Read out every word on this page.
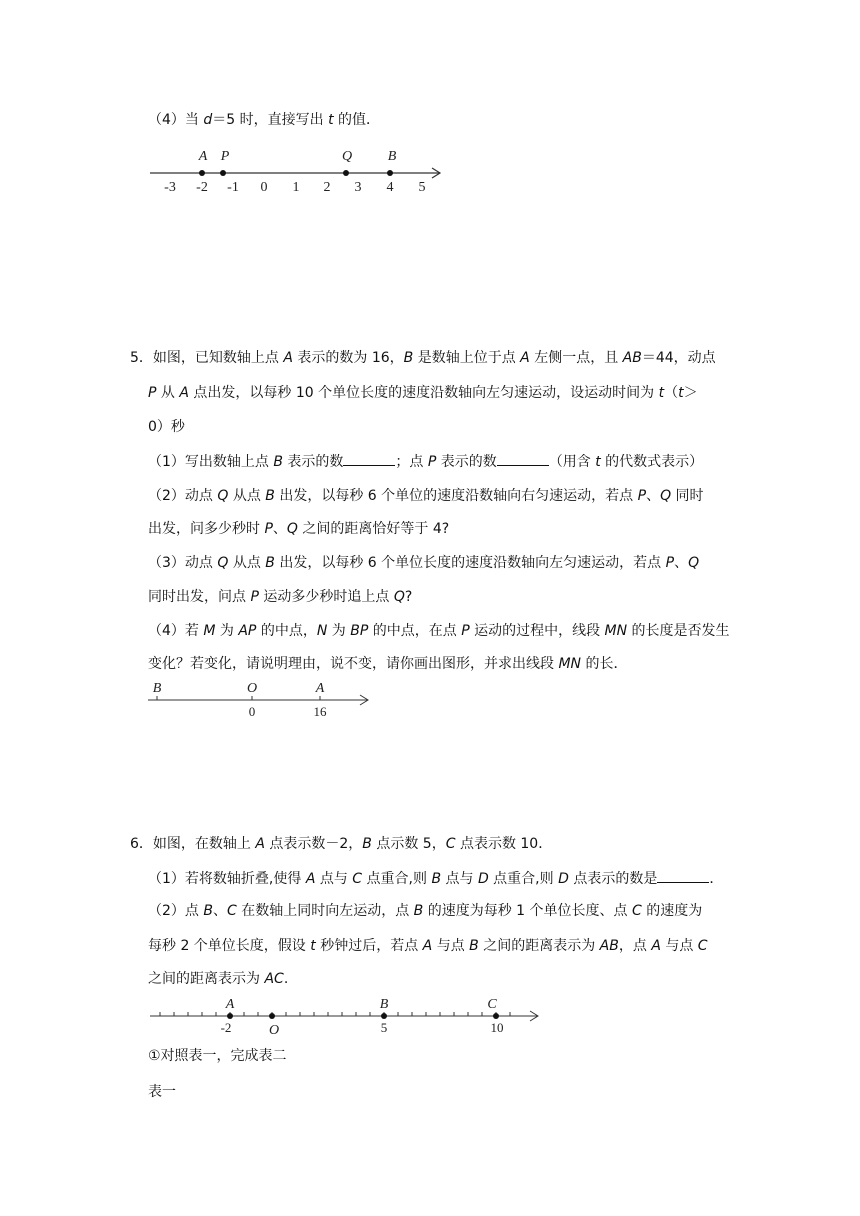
（4）当 d＝5 时，直接写出 t 的值．
-3 -2 -1 0 1 2 3 4 5
A P	Q	B
5．如图，已知数轴上点 A 表示的数为 16，B 是数轴上位于点 A 左侧一点，且 AB＝44，动点
P 从 A 点出发，以每秒 10 个单位长度的速度沿数轴向左匀速运动，设运动时间为 t（t＞
0）秒
（1）写出数轴上点 B 表示的数	；点 P 表示的数	（用含 t 的代数式表示）
（2）动点 Q 从点 B 出发，以每秒 6 个单位的速度沿数轴向右匀速运动，若点 P、Q 同时
出发，问多少秒时 P、Q 之间的距离恰好等于 4?
（3）动点 Q 从点 B 出发，以每秒 6 个单位长度的速度沿数轴向左匀速运动，若点 P、Q
同时出发，问点 P 运动多少秒时追上点 Q?
（4）若 M 为 AP 的中点，N 为 BP 的中点，在点 P 运动的过程中，线段 MN 的长度是否发生
变化？若变化，请说明理由，说不变，请你画出图形，并求出线段 MN 的长．
B	O	A
0	16
6．如图，在数轴上 A 点表示数－2，B 点示数 5，C 点表示数 10．
（1）若将数轴折叠,使得 A 点与 C 点重合,则 B 点与 D 点重合,则 D 点表示的数是	．
（2）点 B、C 在数轴上同时向左运动，点 B 的速度为每秒 1 个单位长度、点 C 的速度为
每秒 2 个单位长度，假设 t 秒钟过后，若点 A 与点 B 之间的距离表示为 AB，点 A 与点 C
之间的距离表示为 AC.
A
O
B	C
-2	5	10
①对照表一，完成表二
表一
